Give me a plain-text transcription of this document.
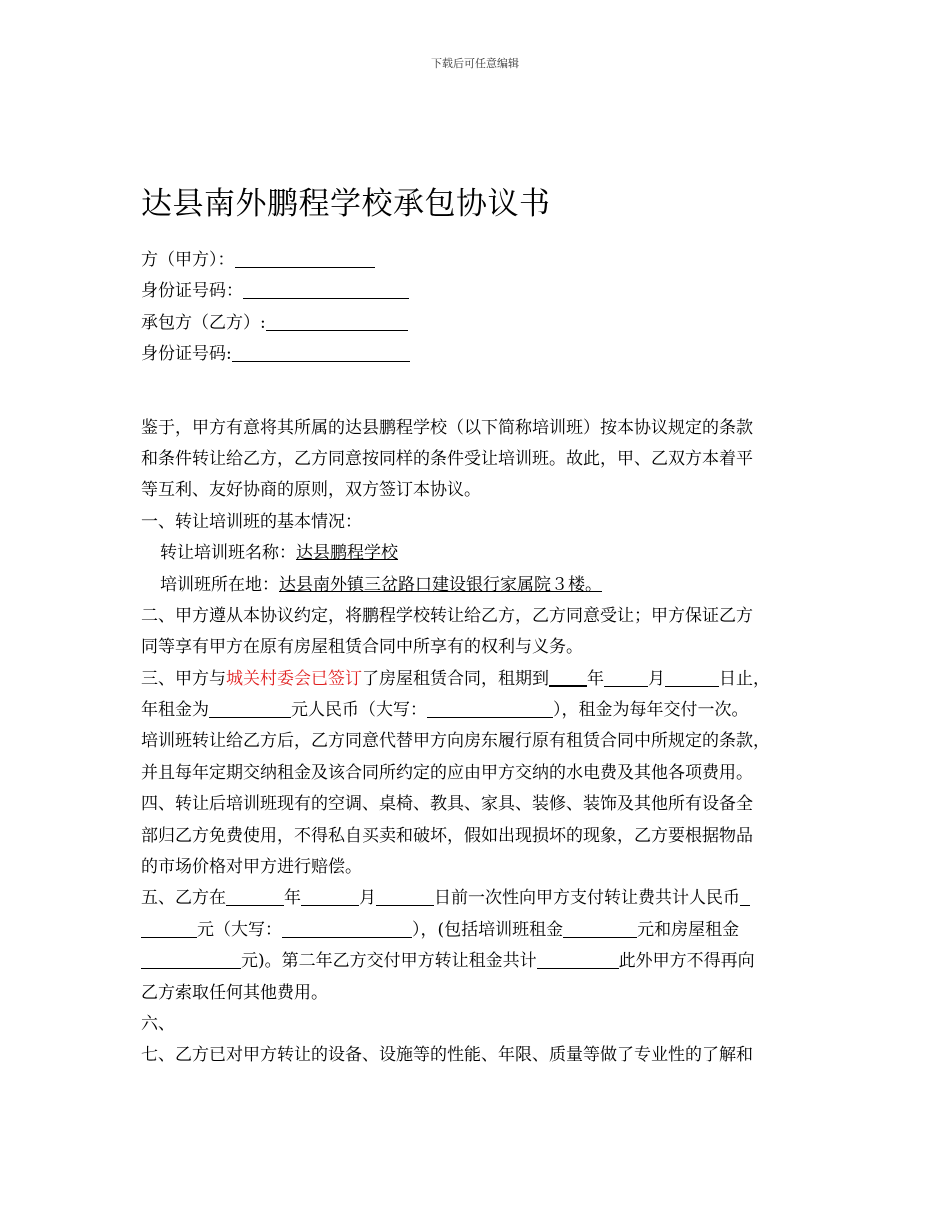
下载后可任意编辑
达县南外鹏程学校承包协议书
方（甲方）：
身份证号码：
承包方（乙方）:
身份证号码:
鉴于，甲方有意将其所属的达县鹏程学校（以下简称培训班）按本协议规定的条款
和条件转让给乙方，乙方同意按同样的条件受让培训班。故此，甲、乙双方本着平
等互利、友好协商的原则，双方签订本协议。
一、转让培训班的基本情况：
转让培训班名称：达县鹏程学校
培训班所在地：达县南外镇三岔路口建设银行家属院３楼。
二、甲方遵从本协议约定，将鹏程学校转让给乙方，乙方同意受让；甲方保证乙方
同等享有甲方在原有房屋租赁合同中所享有的权利与义务。
三、甲方与城关村委会已签订了房屋租赁合同，租期到 年	月	日止，
年租金为	元人民币（大写：	），租金为每年交付一次。
培训班转让给乙方后，乙方同意代替甲方向房东履行原有租赁合同中所规定的条款，
并且每年定期交纳租金及该合同所约定的应由甲方交纳的水电费及其他各项费用。
四、转让后培训班现有的空调、桌椅、教具、家具、装修、装饰及其他所有设备全
部归乙方免费使用，不得私自买卖和破坏，假如出现损坏的现象，乙方要根据物品
的市场价格对甲方进行赔偿。
五、乙方在	年	月	日前一次性向甲方支付转让费共计人民币
元（大写：	），(包括培训班租金	元和房屋租金
元)。第二年乙方交付甲方转让租金共计	此外甲方不得再向
乙方索取任何其他费用。
六、
七、乙方已对甲方转让的设备、设施等的性能、年限、质量等做了专业性的了解和
